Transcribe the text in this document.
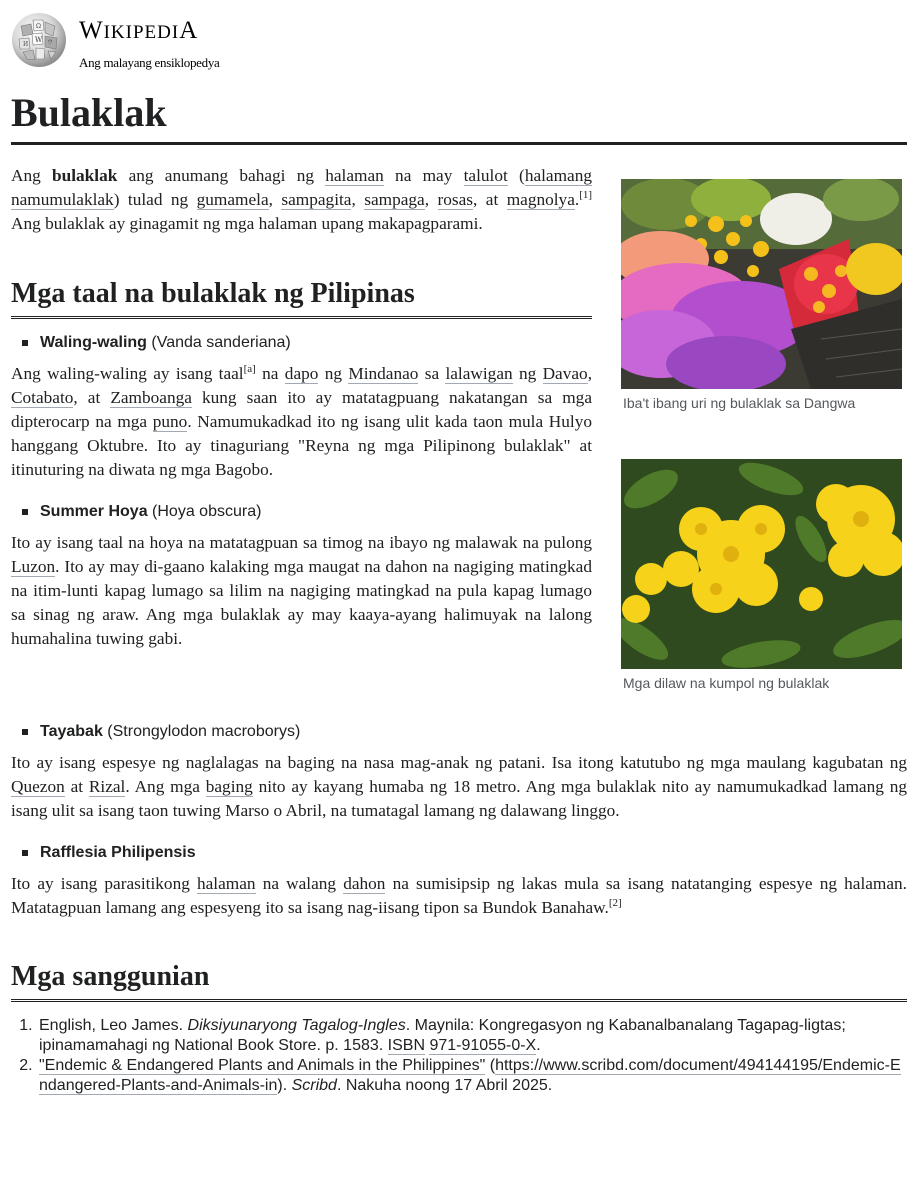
Ω
W
И	ウ WIKIPEDIA
Ang malayang ensiklopedya
Bulaklak

Ang bulaklak ang anumang bahagi ng halaman na may talulot (halamang namumulaklak) tulad ng gumamela, sampagita, sampaga, rosas, at magnolya.[1] Ang bulaklak ay ginagamit ng mga halaman upang makapagparami.

Mga taal na bulaklak ng Pilipinas
Waling-waling (Vanda sanderiana)

Ang waling-waling ay isang taal[a] na dapo ng Mindanao sa lalawigan ng Davao, Cotabato, at Zamboanga kung saan ito ay matatagpuang nakatangan sa mga dipterocarp na mga puno. Namumukadkad ito ng isang ulit kada taon mula Hulyo hanggang Oktubre. Ito ay tinaguriang "Reyna ng mga Pilipinong bulaklak" at itinuturing na diwata ng mga Bagobo.

Summer Hoya (Hoya obscura)

Ito ay isang taal na hoya na matatagpuan sa timog na ibayo ng malawak na pulong Luzon. Ito ay may di-gaano kalaking mga maugat na dahon na nagiging matingkad na itim-lunti kapag lumago sa lilim na nagiging matingkad na pula kapag lumago sa sinag ng araw. Ang mga bulaklak ay may kaaya-ayang halimuyak na lalong humahalina tuwing gabi.

Tayabak (Strongylodon macroborys)

Ito ay isang espesye ng naglalagas na baging na nasa mag-anak ng patani. Isa itong katutubo ng mga maulang kagubatan ng Quezon at Rizal. Ang mga baging nito ay kayang humaba ng 18 metro. Ang mga bulaklak nito ay namumukadkad lamang ng isang ulit sa isang taon tuwing Marso o Abril, na tumatagal lamang ng dalawang linggo.

Rafflesia Philipensis

Ito ay isang parasitikong halaman na walang dahon na sumisipsip ng lakas mula sa isang natatanging espesye ng halaman. Matatagpuan lamang ang espesyeng ito sa isang nag-iisang tipon sa Bundok Banahaw.[2]

Mga sanggunian
1. English, Leo James. Diksiyunaryong Tagalog-Ingles. Maynila: Kongregasyon ng Kabanalbanalang Tagapag-ligtas; ipinamamahagi ng National Book Store. p. 1583. ISBN 971-91055-0-X.
2. "Endemic & Endangered Plants and Animals in the Philippines" (https://www.scribd.com/document/494144195/Endemic-Endangered-Plants-and-Animals-in). Scribd. Nakuha noong 17 Abril 2025.
Iba't ibang uri ng bulaklak sa Dangwa
Mga dilaw na kumpol ng bulaklak
